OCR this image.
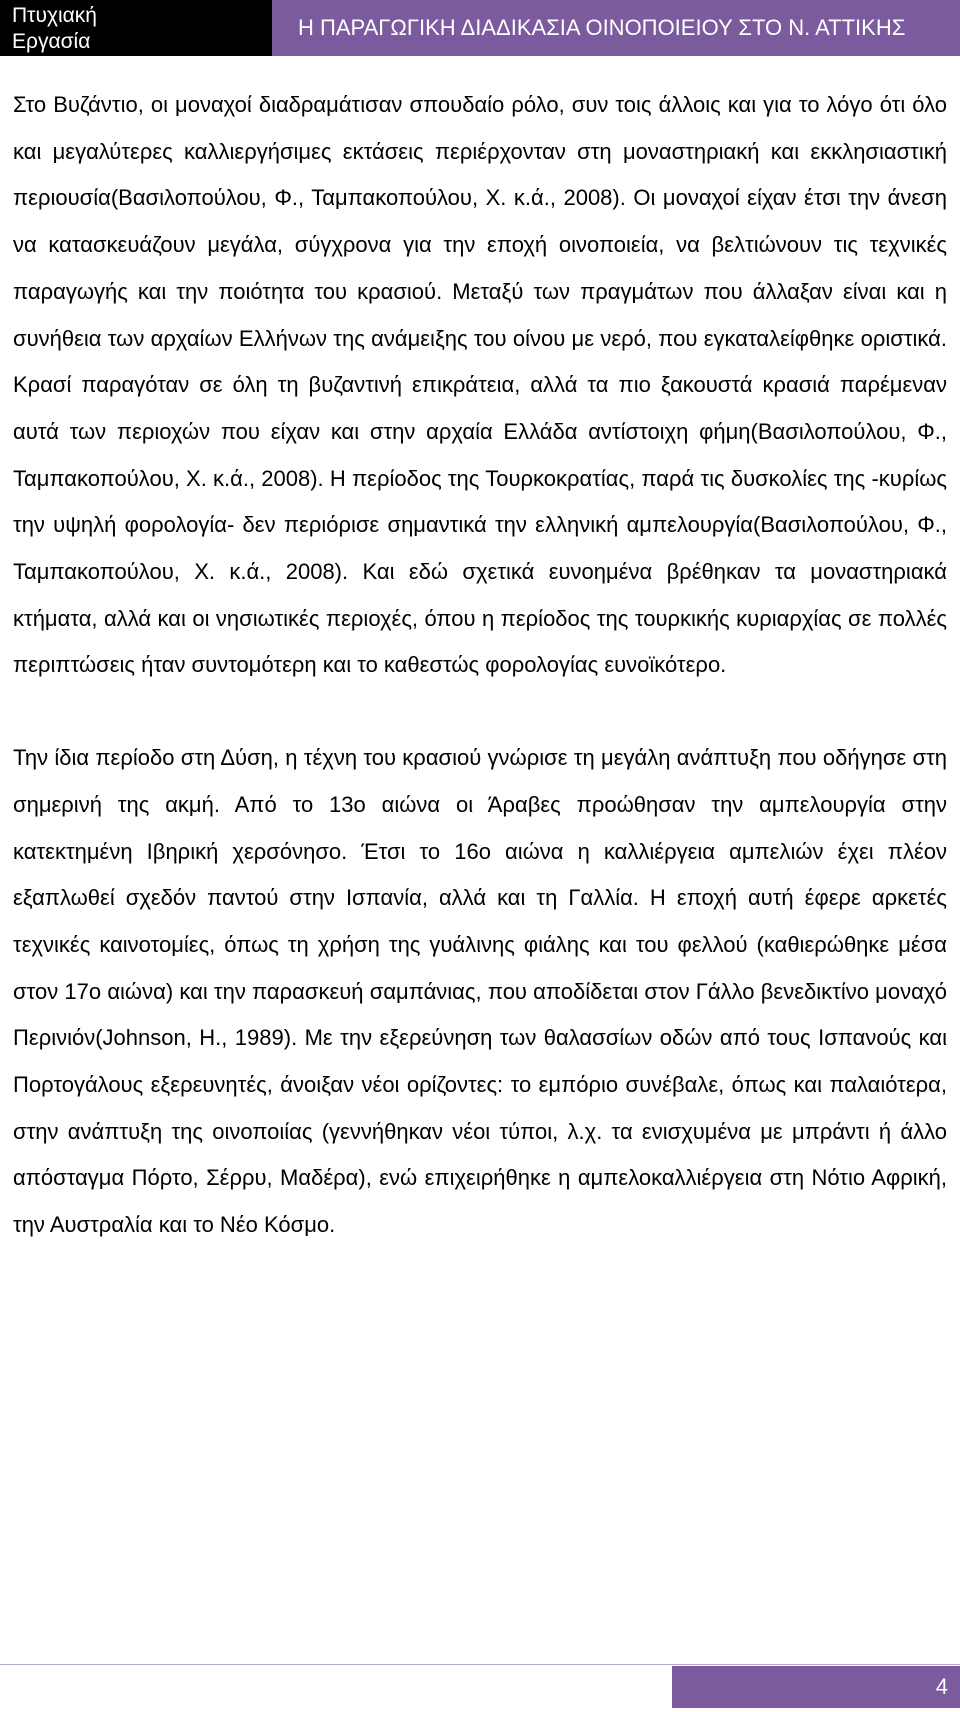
Πτυχιακή
Εργασία
Η ΠΑΡΑΓΩΓΙΚΗ ΔΙΑΔΙΚΑΣΙΑ ΟΙΝΟΠΟΙΕΙΟΥ ΣΤΟ Ν. ΑΤΤΙΚΗΣ

Στο Βυζάντιο, οι μοναχοί διαδραμάτισαν σπουδαίο ρόλο, συν τοις άλλοις και για το λόγο ότι όλο και μεγαλύτερες καλλιεργήσιμες εκτάσεις περιέρχονταν στη μοναστηριακή και εκκλησιαστική περιουσία(Βασιλοπούλου, Φ., Ταμπακοπούλου, Χ. κ.ά., 2008). Οι μοναχοί είχαν έτσι την άνεση να κατασκευάζουν μεγάλα, σύγχρονα για την εποχή οινοποιεία, να βελτιώνουν τις τεχνικές παραγωγής και την ποιότητα του κρασιού. Μεταξύ των πραγμάτων που άλλαξαν είναι και η συνήθεια των αρχαίων Ελλήνων της ανάμειξης του οίνου με νερό, που εγκαταλείφθηκε οριστικά. Κρασί παραγόταν σε όλη τη βυζαντινή επικράτεια, αλλά τα πιο ξακουστά κρασιά παρέμεναν αυτά των περιοχών που είχαν και στην αρχαία Ελλάδα αντίστοιχη φήμη(Βασιλοπούλου, Φ., Ταμπακοπούλου, Χ. κ.ά., 2008). Η περίοδος της Τουρκοκρατίας, παρά τις δυσκολίες της -κυρίως την υψηλή φορολογία- δεν περιόρισε σημαντικά την ελληνική αμπελουργία(Βασιλοπούλου, Φ., Ταμπακοπούλου, Χ. κ.ά., 2008). Και εδώ σχετικά ευνοημένα βρέθηκαν τα μοναστηριακά κτήματα, αλλά και οι νησιωτικές περιοχές, όπου η περίοδος της τουρκικής κυριαρχίας σε πολλές περιπτώσεις ήταν συντομότερη και το καθεστώς φορολογίας ευνοϊκότερο.

Την ίδια περίοδο στη Δύση, η τέχνη του κρασιού γνώρισε τη μεγάλη ανάπτυξη που οδήγησε στη σημερινή της ακμή. Από το 13ο αιώνα οι Άραβες προώθησαν την αμπελουργία στην κατεκτημένη Ιβηρική χερσόνησο. Έτσι το 16ο αιώνα η καλλιέργεια αμπελιών έχει πλέον εξαπλωθεί σχεδόν παντού στην Ισπανία, αλλά και τη Γαλλία. Η εποχή αυτή έφερε αρκετές τεχνικές καινοτομίες, όπως τη χρήση της γυάλινης φιάλης και του φελλού (καθιερώθηκε μέσα στον 17ο αιώνα) και την παρασκευή σαμπάνιας, που αποδίδεται στον Γάλλο βενεδικτίνο μοναχό Περινιόν(Johnson, H., 1989). Με την εξερεύνηση των θαλασσίων οδών από τους Ισπανούς και Πορτογάλους εξερευνητές, άνοιξαν νέοι ορίζοντες: το εμπόριο συνέβαλε, όπως και παλαιότερα, στην ανάπτυξη της οινοποιίας (γεννήθηκαν νέοι τύποι, λ.χ. τα ενισχυμένα με μπράντι ή άλλο απόσταγμα Πόρτο, Σέρρυ, Μαδέρα), ενώ επιχειρήθηκε η αμπελοκαλλιέργεια στη Νότιο Αφρική, την Αυστραλία και το Νέο Κόσμο.

4
